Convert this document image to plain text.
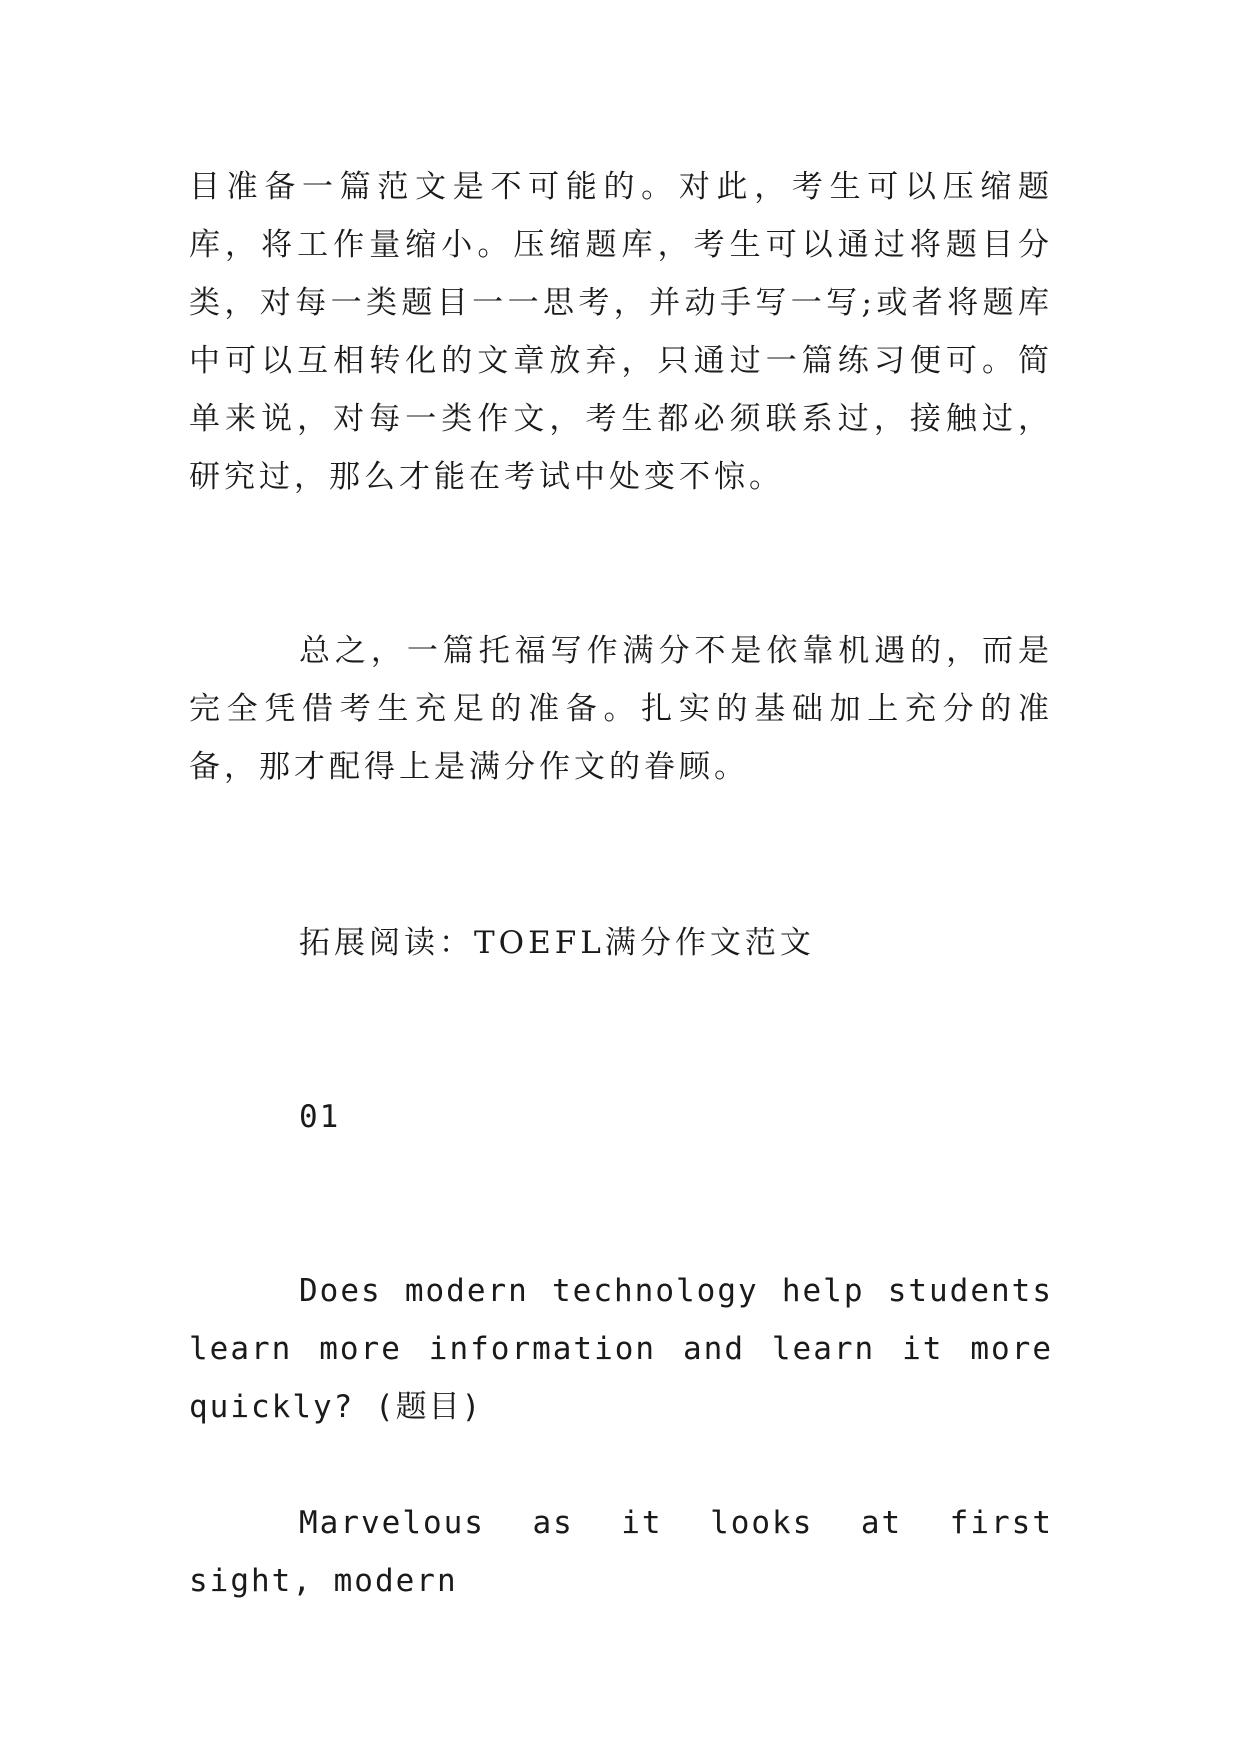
目准备一篇范文是不可能的。对此，考生可以压缩题库，将工作量缩小。压缩题库，考生可以通过将题目分类，对每一类题目一一思考，并动手写一写;或者将题库中可以互相转化的文章放弃，只通过一篇练习便可。简单来说，对每一类作文，考生都必须联系过，接触过，研究过，那么才能在考试中处变不惊。

总之，一篇托福写作满分不是依靠机遇的，而是完全凭借考生充足的准备。扎实的基础加上充分的准备，那才配得上是满分作文的眷顾。

拓展阅读：TOEFL满分作文范文

01

Does modern technology help students learn more information and learn it more quickly? (题目)

Marvelous as it looks at first sight, modern
